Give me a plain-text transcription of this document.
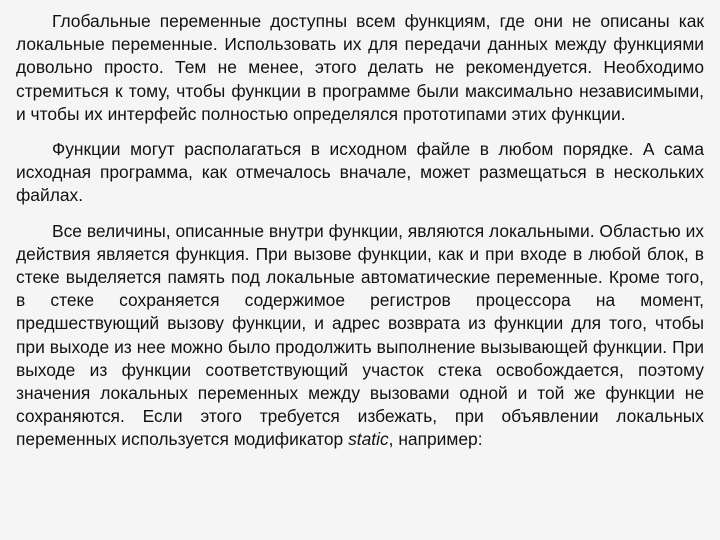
Глобальные переменные доступны всем функциям, где они не описаны как локальные переменные. Использовать их для передачи данных между функциями довольно просто. Тем не менее, этого делать не рекомендуется. Необходимо стремиться к тому, чтобы функции в программе были максимально независимыми, и чтобы их интерфейс полностью определялся прототипами этих функции.

Функции могут располагаться в исходном файле в любом порядке. А сама исходная программа, как отмечалось вначале, может размещаться в нескольких файлах.

Все величины, описанные внутри функции, являются локальными. Областью их действия является функция. При вызове функции, как и при входе в любой блок, в стеке выделяется память под локальные автоматические переменные. Кроме того, в стеке сохраняется содержимое регистров процессора на момент, предшествующий вызову функции, и адрес возврата из функции для того, чтобы при выходе из нее можно было продолжить выполнение вызывающей функции. При выходе из функции соответствующий участок стека освобождается, поэтому значения локальных переменных между вызовами одной и той же функции не сохраняются. Если этого требуется избежать, при объявлении локальных переменных используется модификатор static, например:
